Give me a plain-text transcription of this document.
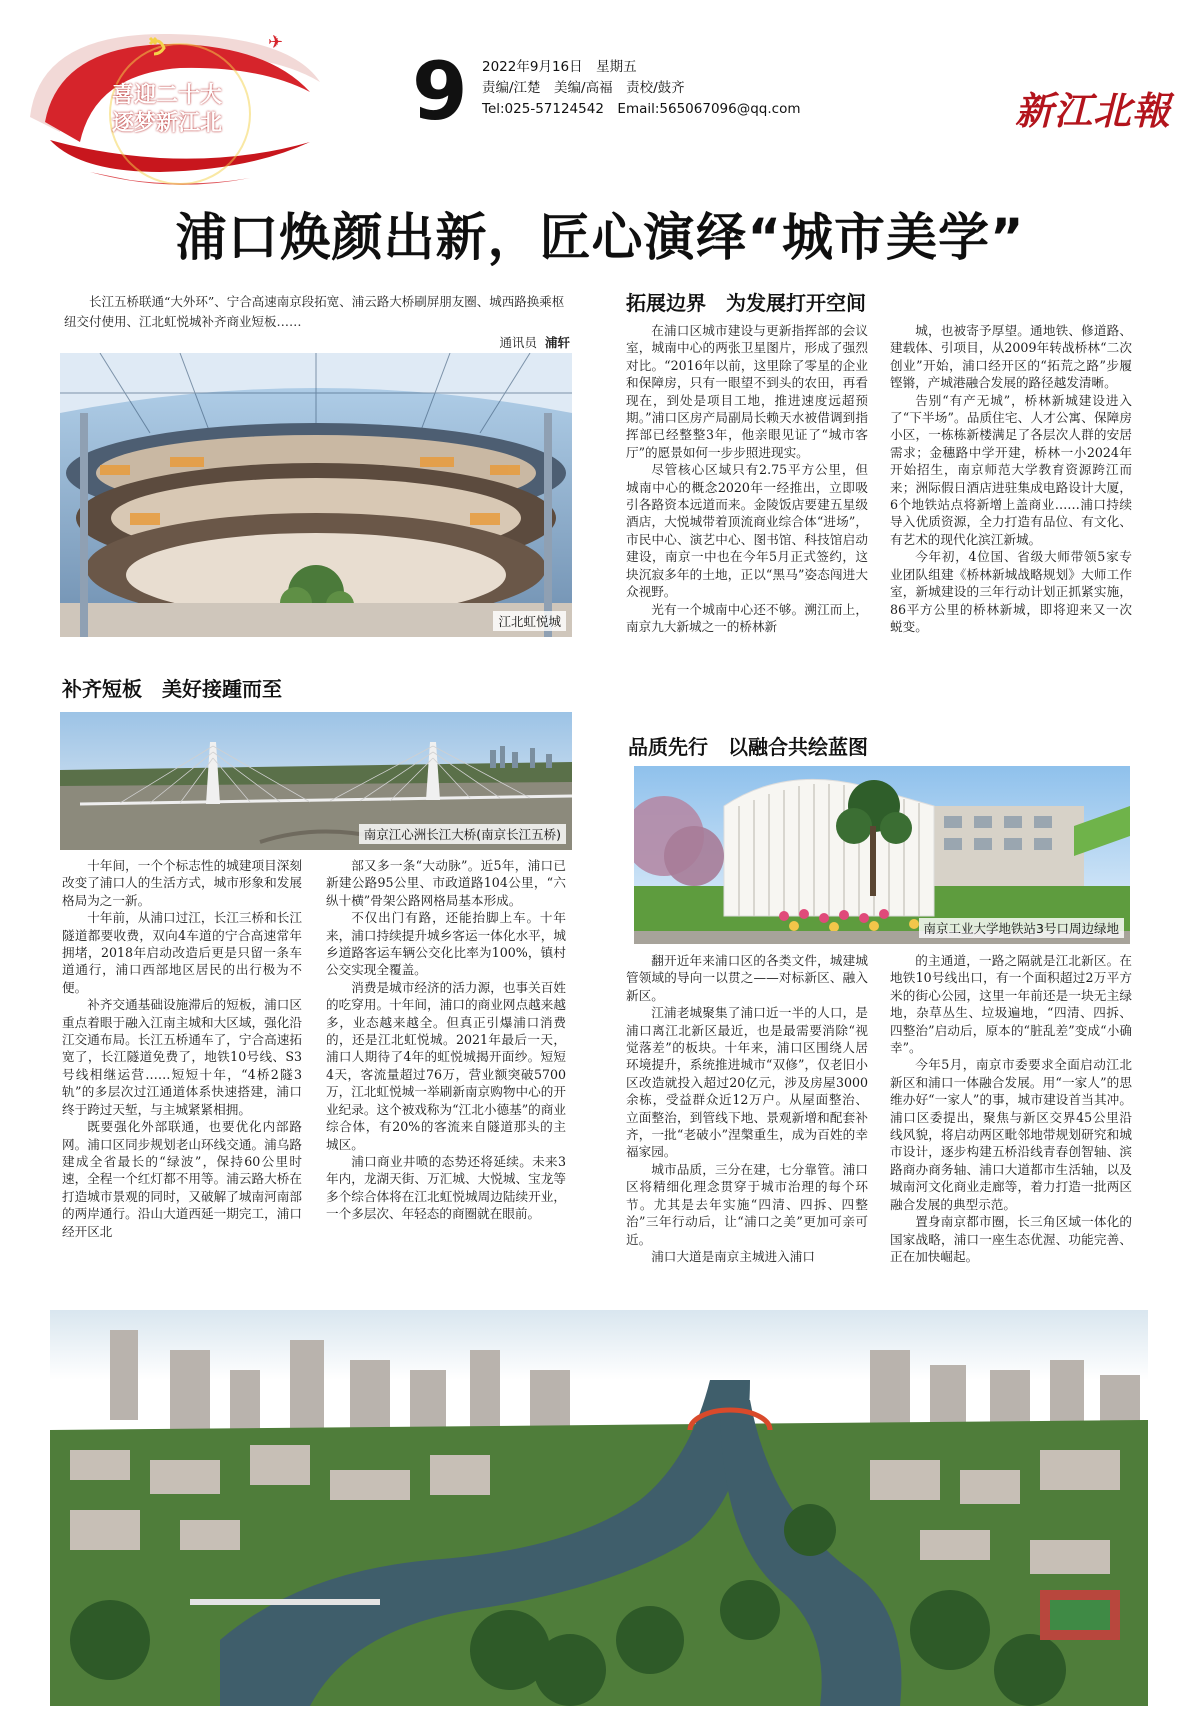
✈
喜迎二十大
逐梦新江北 9 2022年9月16日　星期五
责编/江楚　美编/高福　责校/鼓齐
Tel:025-57124542　Email:565067096@qq.com	新江北報
浦口焕颜出新，匠心演绎“城市美学”
长江五桥联通“大外环”、宁合高速南京段拓宽、浦云路大桥刷屏朋友圈、城西路换乘枢纽交付使用、江北虹悦城补齐商业短板……
通讯员 浦轩
江北虹悦城
补齐短板　美好接踵而至
南京江心洲长江大桥(南京长江五桥)

十年间，一个个标志性的城建项目深刻改变了浦口人的生活方式，城市形象和发展格局为之一新。

十年前，从浦口过江，长江三桥和长江隧道都要收费，双向4车道的宁合高速常年拥堵，2018年启动改造后更是只留一条车道通行，浦口西部地区居民的出行极为不便。

补齐交通基础设施滞后的短板，浦口区重点着眼于融入江南主城和大区域，强化沿江交通布局。长江五桥通车了，宁合高速拓宽了，长江隧道免费了，地铁10号线、S3号线相继运营……短短十年，“4桥2隧3轨”的多层次过江通道体系快速搭建，浦口终于跨过天堑，与主城紧紧相拥。

既要强化外部联通，也要优化内部路网。浦口区同步规划老山环线交通。浦乌路建成全省最长的“绿波”，保持60公里时速，全程一个红灯都不用等。浦云路大桥在打造城市景观的同时，又破解了城南河南部的两岸通行。沿山大道西延一期完工，浦口经开区北

部又多一条“大动脉”。近5年，浦口已新建公路95公里、市政道路104公里，“六纵十横”骨架公路网格局基本形成。

不仅出门有路，还能抬脚上车。十年来，浦口持续提升城乡客运一体化水平，城乡道路客运车辆公交化比率为100%，镇村公交实现全覆盖。

消费是城市经济的活力源，也事关百姓的吃穿用。十年间，浦口的商业网点越来越多，业态越来越全。但真正引爆浦口消费的，还是江北虹悦城。2021年最后一天，浦口人期待了4年的虹悦城揭开面纱。短短4天，客流量超过76万，营业额突破5700万，江北虹悦城一举刷新南京购物中心的开业纪录。这个被戏称为“江北小德基”的商业综合体，有20%的客流来自隧道那头的主城区。

浦口商业井喷的态势还将延续。未来3年内，龙湖天街、万汇城、大悦城、宝龙等多个综合体将在江北虹悦城周边陆续开业，一个多层次、年轻态的商圈就在眼前。

拓展边界　为发展打开空间

在浦口区城市建设与更新指挥部的会议室，城南中心的两张卫星图片，形成了强烈对比。“2016年以前，这里除了零星的企业和保障房，只有一眼望不到头的农田，再看现在，到处是项目工地，推进速度远超预期。”浦口区房产局副局长赖天水被借调到指挥部已经整整3年，他亲眼见证了“城市客厅”的愿景如何一步步照进现实。

尽管核心区域只有2.75平方公里，但城南中心的概念2020年一经推出，立即吸引各路资本远道而来。金陵饭店要建五星级酒店，大悦城带着顶流商业综合体“进场”，市民中心、演艺中心、图书馆、科技馆启动建设，南京一中也在今年5月正式签约，这块沉寂多年的土地，正以“黑马”姿态闯进大众视野。

光有一个城南中心还不够。溯江而上，南京九大新城之一的桥林新

城，也被寄予厚望。通地铁、修道路、建载体、引项目，从2009年转战桥林“二次创业”开始，浦口经开区的“拓荒之路”步履铿锵，产城港融合发展的路径越发清晰。

告别“有产无城”，桥林新城建设进入了“下半场”。品质住宅、人才公寓、保障房小区，一栋栋新楼满足了各层次人群的安居需求；金穗路中学开建，桥林一小2024年开始招生，南京师范大学教育资源跨江而来；洲际假日酒店进驻集成电路设计大厦，6个地铁站点将新增上盖商业……浦口持续导入优质资源，全力打造有品位、有文化、有艺术的现代化滨江新城。

今年初，4位国、省级大师带领5家专业团队组建《桥林新城战略规划》大师工作室，新城建设的三年行动计划正抓紧实施，86平方公里的桥林新城，即将迎来又一次蜕变。

品质先行　以融合共绘蓝图
南京工业大学地铁站3号口周边绿地

翻开近年来浦口区的各类文件，城建城管领域的导向一以贯之——对标新区、融入新区。

江浦老城聚集了浦口近一半的人口，是浦口离江北新区最近，也是最需要消除“视觉落差”的板块。十年来，浦口区围绕人居环境提升，系统推进城市“双修”，仅老旧小区改造就投入超过20亿元，涉及房屋3000余栋，受益群众近12万户。从屋面整治、立面整治，到管线下地、景观新增和配套补齐，一批“老破小”涅槃重生，成为百姓的幸福家园。

城市品质，三分在建，七分靠管。浦口区将精细化理念贯穿于城市治理的每个环节。尤其是去年实施“四清、四拆、四整治”三年行动后，让“浦口之美”更加可亲可近。

浦口大道是南京主城进入浦口

的主通道，一路之隔就是江北新区。在地铁10号线出口，有一个面积超过2万平方米的街心公园，这里一年前还是一块无主绿地，杂草丛生、垃圾遍地，“四清、四拆、四整治”启动后，原本的“脏乱差”变成“小确幸”。

今年5月，南京市委要求全面启动江北新区和浦口一体融合发展。用“一家人”的思维办好“一家人”的事，城市建设首当其冲。浦口区委提出，聚焦与新区交界45公里沿线风貌，将启动两区毗邻地带规划研究和城市设计，逐步构建五桥沿线青春创智轴、滨路商办商务轴、浦口大道都市生活轴，以及城南河文化商业走廊等，着力打造一批两区融合发展的典型示范。

置身南京都市圈，长三角区域一体化的国家战略，浦口一座生态优渥、功能完善、正在加快崛起。
